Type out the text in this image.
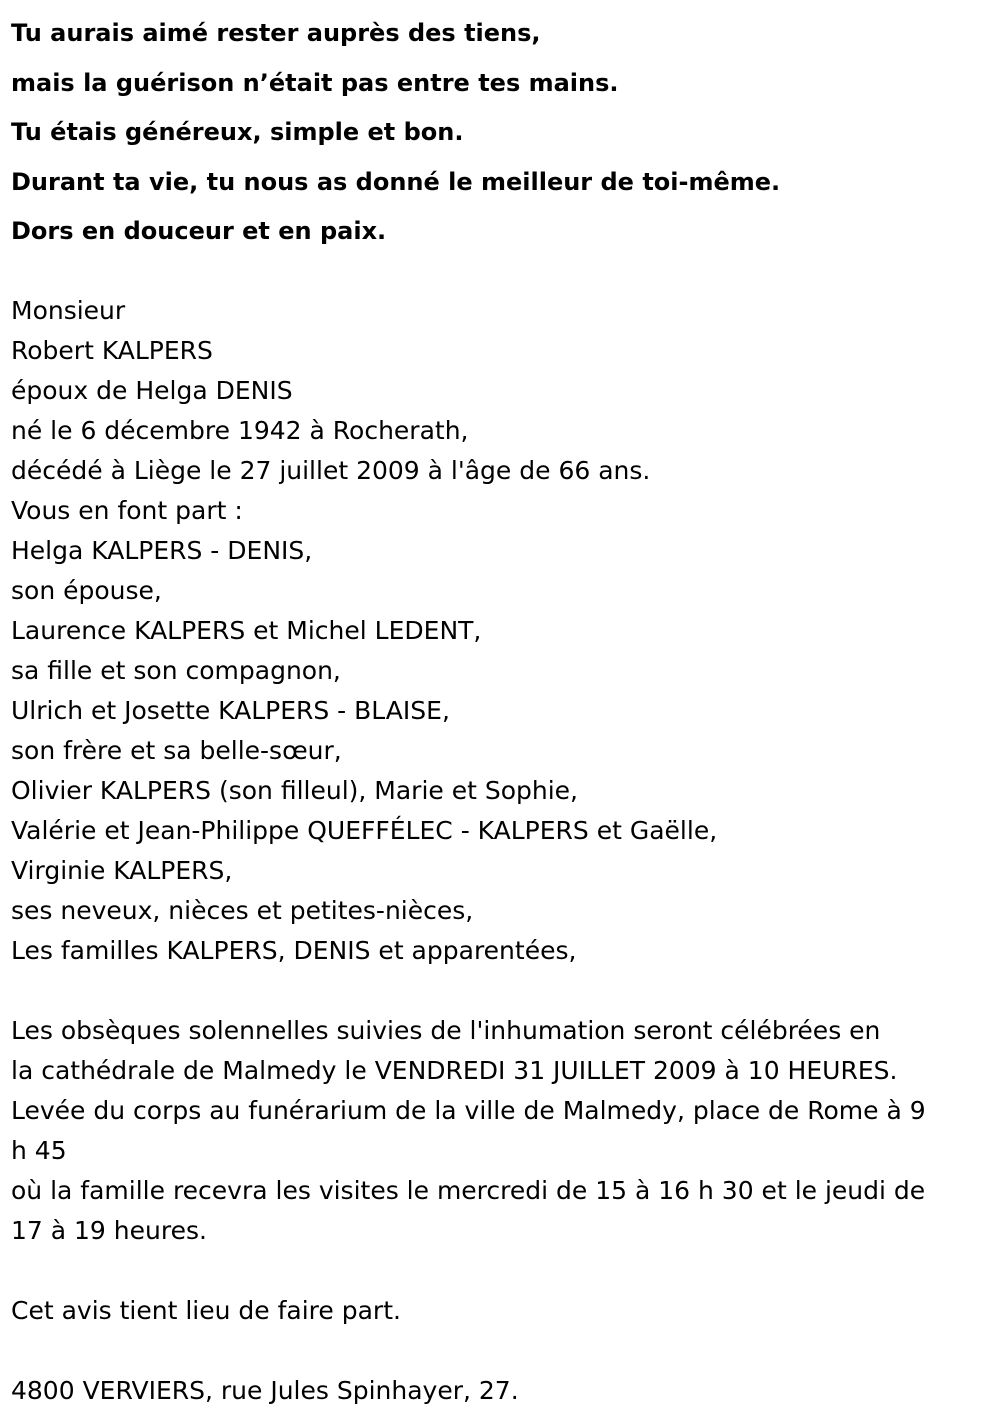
Tu aurais aimé rester auprès des tiens,
mais la guérison n’était pas entre tes mains.
Tu étais généreux, simple et bon.
Durant ta vie, tu nous as donné le meilleur de toi-même.
Dors en douceur et en paix.
Monsieur
Robert KALPERS
époux de Helga DENIS
né le 6 décembre 1942 à Rocherath,
décédé à Liège le 27 juillet 2009 à l'âge de 66 ans.
Vous en font part :
Helga KALPERS - DENIS,
son épouse,
Laurence KALPERS et Michel LEDENT,
sa fille et son compagnon,
Ulrich et Josette KALPERS - BLAISE,
son frère et sa belle-sœur,
Olivier KALPERS (son filleul), Marie et Sophie,
Valérie et Jean-Philippe QUEFFÉLEC - KALPERS et Gaëlle,
Virginie KALPERS,
ses neveux, nièces et petites-nièces,
Les familles KALPERS, DENIS et apparentées,
Les obsèques solennelles suivies de l'inhumation seront célébrées en
la cathédrale de Malmedy le VENDREDI 31 JUILLET 2009 à 10 HEURES.
Levée du corps au funérarium de la ville de Malmedy, place de Rome à 9
h 45
où la famille recevra les visites le mercredi de 15 à 16 h 30 et le jeudi de
17 à 19 heures.
Cet avis tient lieu de faire part.
4800 VERVIERS, rue Jules Spinhayer, 27.
